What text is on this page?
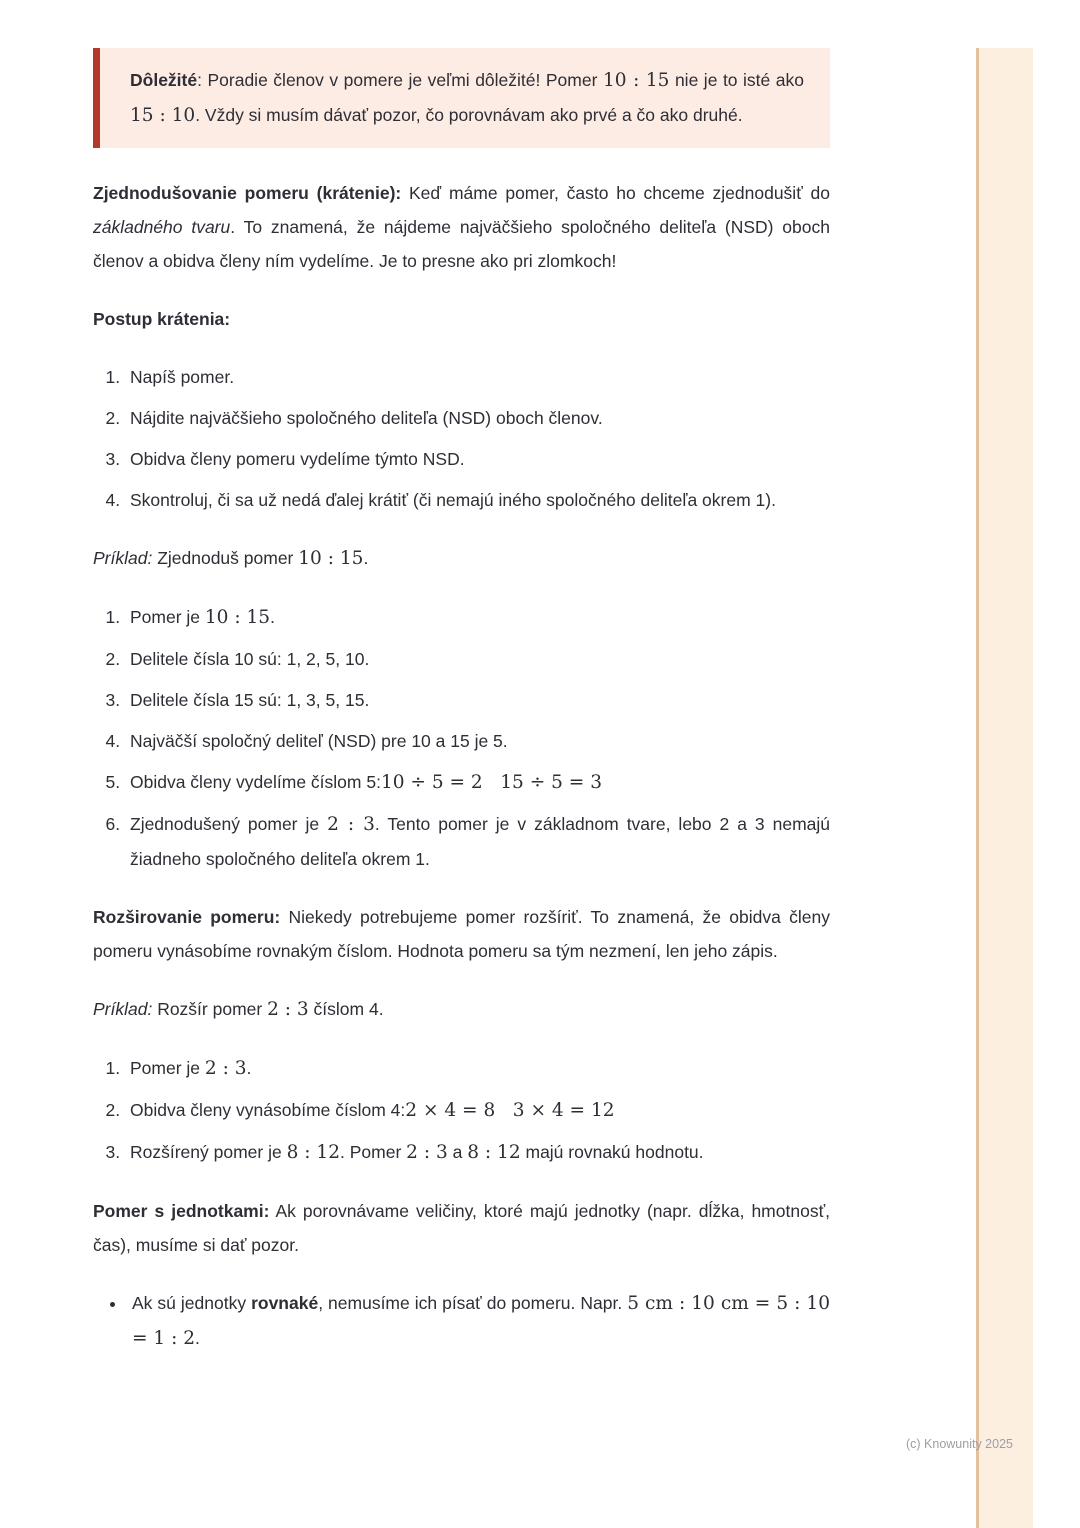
Dôležité: Poradie členov v pomere je veľmi dôležité! Pomer 10 : 15 nie je to isté ako 15 : 10. Vždy si musím dávať pozor, čo porovnávam ako prvé a čo ako druhé.

Zjednodušovanie pomeru (krátenie): Keď máme pomer, často ho chceme zjednodušiť do základného tvaru. To znamená, že nájdeme najväčšieho spoločného deliteľa (NSD) oboch členov a obidva členy ním vydelíme. Je to presne ako pri zlomkoch!

Postup krátenia:

1. Napíš pomer.
2. Nájdite najväčšieho spoločného deliteľa (NSD) oboch členov.
3. Obidva členy pomeru vydelíme týmto NSD.
4. Skontroluj, či sa už nedá ďalej krátiť (či nemajú iného spoločného deliteľa okrem 1).

Príklad: Zjednoduš pomer 10 : 15.

1. Pomer je 10 : 15.
2. Delitele čísla 10 sú: 1, 2, 5, 10.
3. Delitele čísla 15 sú: 1, 3, 5, 15.
4. Najväčší spoločný deliteľ (NSD) pre 10 a 15 je 5.
5. Obidva členy vydelíme číslom 5:10 ÷ 5 = 2   15 ÷ 5 = 3
6. Zjednodušený pomer je 2 : 3. Tento pomer je v základnom tvare, lebo 2 a 3 nemajú žiadneho spoločného deliteľa okrem 1.

Rozširovanie pomeru: Niekedy potrebujeme pomer rozšíriť. To znamená, že obidva členy pomeru vynásobíme rovnakým číslom. Hodnota pomeru sa tým nezmení, len jeho zápis.

Príklad: Rozšír pomer 2 : 3 číslom 4.

1. Pomer je 2 : 3.
2. Obidva členy vynásobíme číslom 4:2 × 4 = 8   3 × 4 = 12
3. Rozšírený pomer je 8 : 12. Pomer 2 : 3 a 8 : 12 majú rovnakú hodnotu.

Pomer s jednotkami: Ak porovnávame veličiny, ktoré majú jednotky (napr. dĺžka, hmotnosť, čas), musíme si dať pozor.

• Ak sú jednotky rovnaké, nemusíme ich písať do pomeru. Napr. 5 cm : 10 cm = 5 : 10 = 1 : 2.
(c) Knowunity 2025
